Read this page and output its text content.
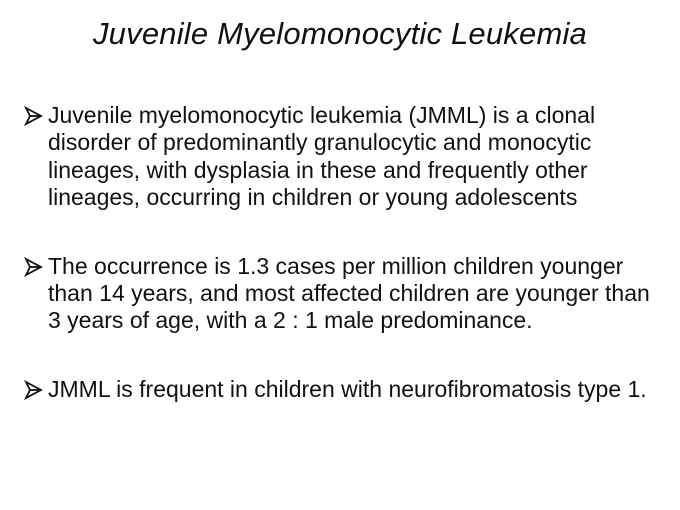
Juvenile Myelomonocytic Leukemia
Juvenile myelomonocytic leukemia (JMML) is a clonal disorder of predominantly granulocytic and monocytic lineages, with dysplasia in these and frequently other lineages, occurring in children or young adolescents
The occurrence is 1.3 cases per million children younger than 14 years, and most affected children are younger than 3 years of age, with a 2 : 1 male predominance.
JMML is frequent in children with neurofibromatosis type 1.
